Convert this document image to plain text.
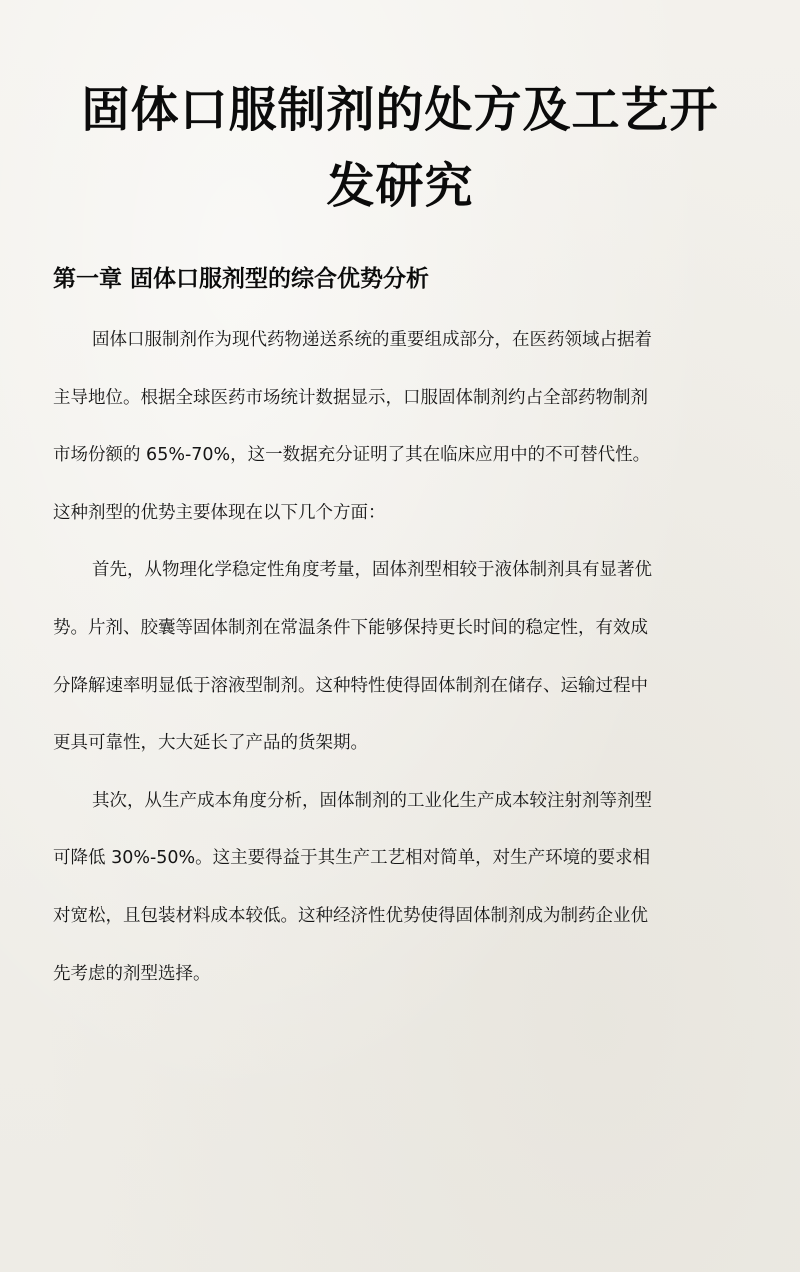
固体口服制剂的处方及工艺开
发研究
第一章 固体口服剂型的综合优势分析
固体口服制剂作为现代药物递送系统的重要组成部分，在医药领域占据着
主导地位。根据全球医药市场统计数据显示，口服固体制剂约占全部药物制剂
市场份额的 65%-70%，这一数据充分证明了其在临床应用中的不可替代性。
这种剂型的优势主要体现在以下几个方面：
首先，从物理化学稳定性角度考量，固体剂型相较于液体制剂具有显著优
势。片剂、胶囊等固体制剂在常温条件下能够保持更长时间的稳定性，有效成
分降解速率明显低于溶液型制剂。这种特性使得固体制剂在储存、运输过程中
更具可靠性，大大延长了产品的货架期。
其次，从生产成本角度分析，固体制剂的工业化生产成本较注射剂等剂型
可降低 30%-50%。这主要得益于其生产工艺相对简单，对生产环境的要求相
对宽松，且包装材料成本较低。这种经济性优势使得固体制剂成为制药企业优
先考虑的剂型选择。
